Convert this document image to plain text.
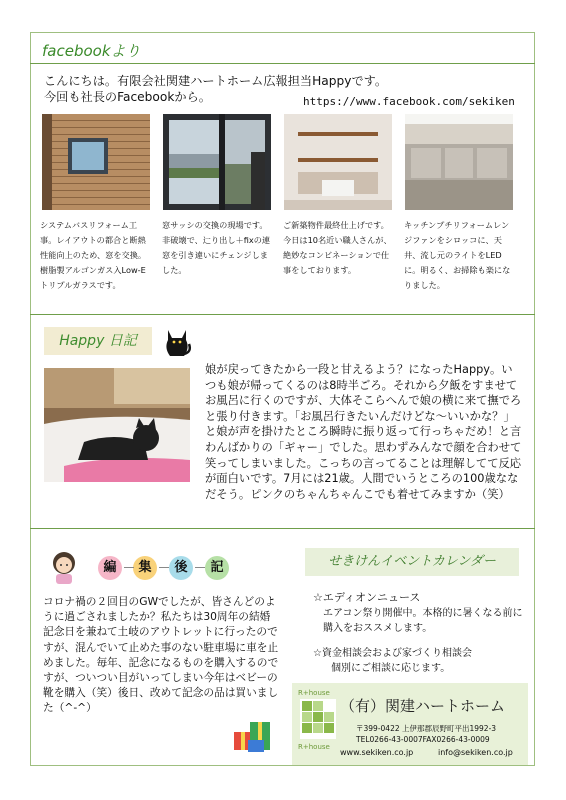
facebookより
こんにちは。有限会社関建ハートホーム広報担当Happyです。
今回も社長のFacebookから。	https://www.facebook.com/sekiken
システムバスリフォーム工事。レイアウトの都合と断熱性能向上のため、窓を交換。樹脂製アルゴンガス入Low-Eトリプルガラスです。
窓サッシの交換の現場です。非破壊で、辷り出し＋fixの連窓を引き違いにチェンジしました。
ご新築物件最終仕上げです。今日は10名近い職人さんが、絶妙なコンビネーションで仕事をしております。
キッチンプチリフォームレンジファンをシロッコに、天井、流し元のライトをLEDに。明るく、お掃除も楽になりました。
Happy 日記
娘が戻ってきたから一段と甘えるよう？になったHappy。いつも娘が帰ってくるのは8時半ごろ。それから夕飯をすませてお風呂に行くのですが、大体そこらへんで娘の横に来て撫でろと張り付きます。「お風呂行きたいんだけどな～いいかな？」と娘が声を掛けたところ瞬時に振り返って行っちゃだめ！と言わんばかりの「ギャー」でした。思わずみんなで顔を合わせて笑ってしまいました。こっちの言ってることは理解してて反応が面白いです。7月には21歳。人間でいうところの100歳ななだそう。ピンクのちゃんちゃんこでも着せてみますか（笑）
編	集	後	記
コロナ禍の２回目のGWでしたが、皆さんどのように過ごされましたか？私たちは30周年の結婚記念日を兼ねて土岐のアウトレットに行ったのですが、混んでいて止めた事のない駐車場に車を止めました。毎年、記念になるものを購入するのですが、ついつい目がいってしまい今年はベビーの靴を購入（笑）後日、改めて記念の品は買いました（^-^）
せきけんイベントカレンダー
☆エディオンニュース
エアコン祭り開催中。本格的に暑くなる前に購入をおススメします。
☆資金相談会および家づくり相談会
個別にご相談に応じます。
R+house
R+house
（有）関建ハートホーム
〒399-0422 上伊那郡辰野町平出1992-3
TEL0266-43-0007FAX0266-43-0009
www.sekiken.co.jp	info@sekiken.co.jp
